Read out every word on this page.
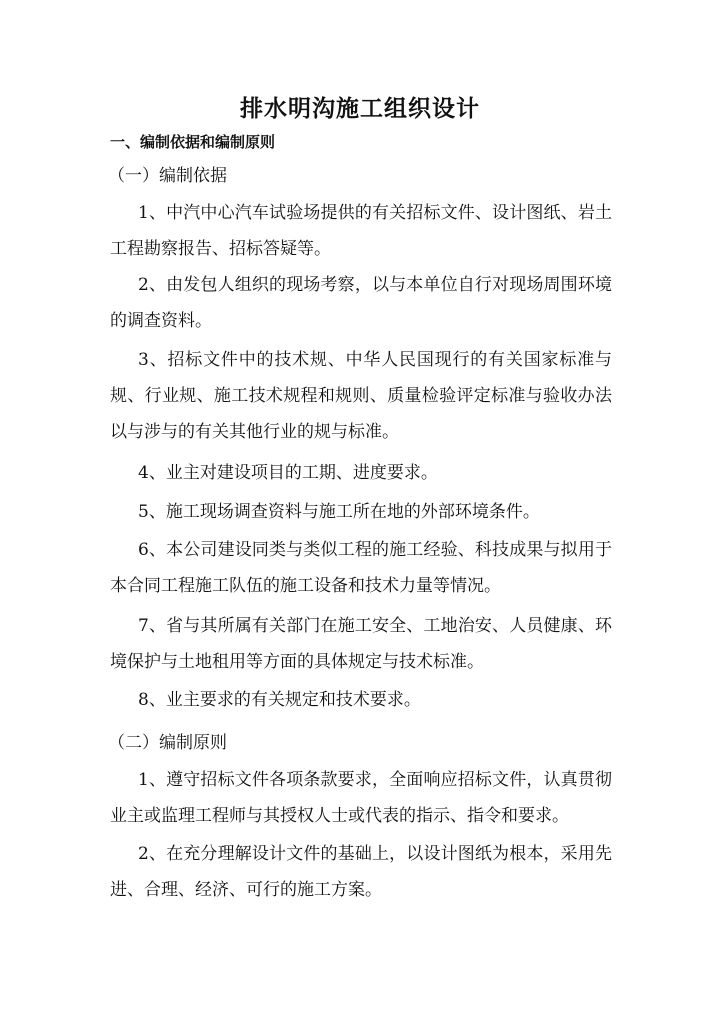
排水明沟施工组织设计
一、编制依据和编制原则
（一）编制依据
1、中汽中心汽车试验场提供的有关招标文件、设计图纸、岩土工程勘察报告、招标答疑等。
2、由发包人组织的现场考察，以与本单位自行对现场周围环境的调查资料。
3、招标文件中的技术规、中华人民国现行的有关国家标准与规、行业规、施工技术规程和规则、质量检验评定标准与验收办法以与涉与的有关其他行业的规与标准。
4、业主对建设项目的工期、进度要求。
5、施工现场调查资料与施工所在地的外部环境条件。
6、本公司建设同类与类似工程的施工经验、科技成果与拟用于本合同工程施工队伍的施工设备和技术力量等情况。
7、省与其所属有关部门在施工安全、工地治安、人员健康、环境保护与土地租用等方面的具体规定与技术标准。
8、业主要求的有关规定和技术要求。
（二）编制原则
1、遵守招标文件各项条款要求，全面响应招标文件，认真贯彻业主或监理工程师与其授权人士或代表的指示、指令和要求。
2、在充分理解设计文件的基础上，以设计图纸为根本，采用先进、合理、经济、可行的施工方案。
